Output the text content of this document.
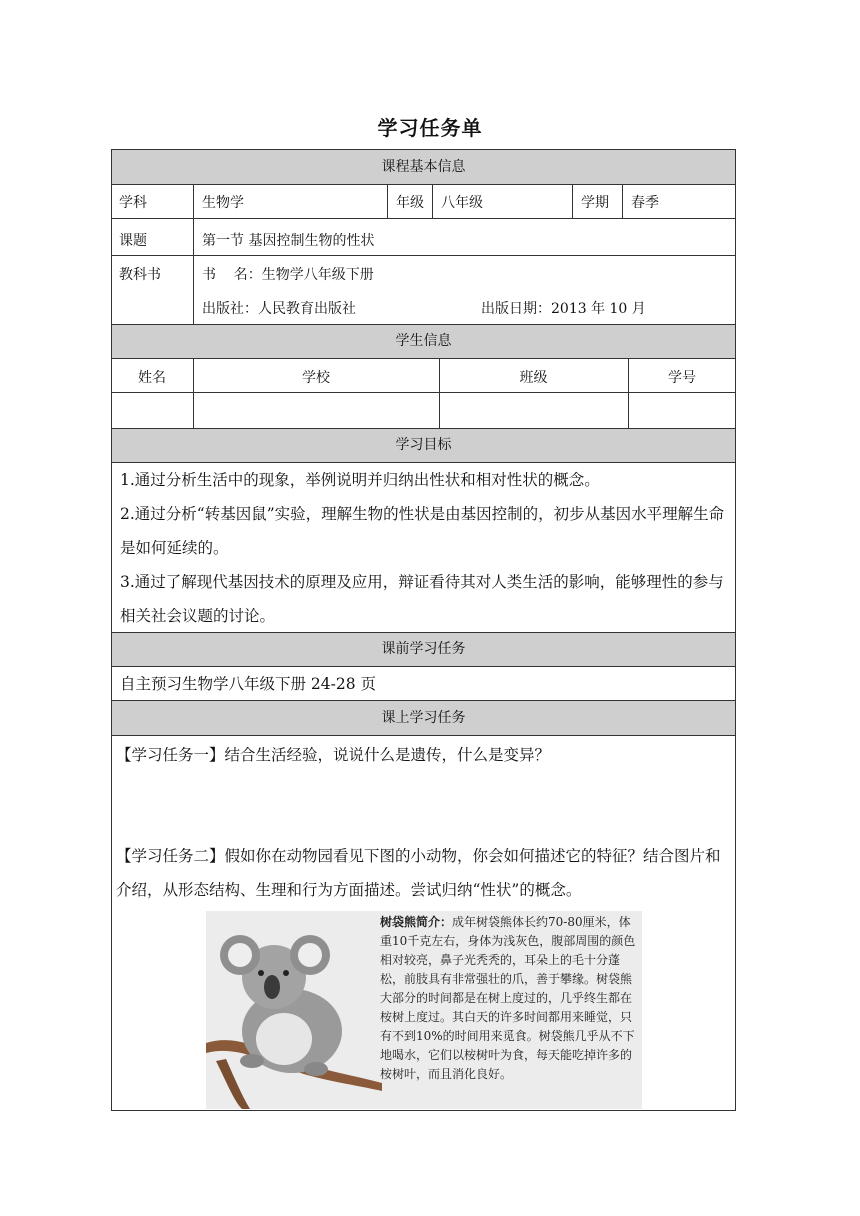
学习任务单
课程基本信息
学科	生物学	年级 八年级	学期 春季
课题	第一节 基因控制生物的性状
教科书	书    名：生物学八年级下册
出版社：人民教育出版社	出版日期：2013 年 10 月
学生信息
姓名	学校	班级	学号
学习目标
1.通过分析生活中的现象，举例说明并归纳出性状和相对性状的概念。
2.通过分析“转基因鼠”实验，理解生物的性状是由基因控制的，初步从基因水平理解生命是如何延续的。
3.通过了解现代基因技术的原理及应用，辩证看待其对人类生活的影响，能够理性的参与相关社会议题的讨论。
课前学习任务
自主预习生物学八年级下册 24-28 页
课上学习任务
【学习任务一】结合生活经验，说说什么是遗传，什么是变异？
【学习任务二】假如你在动物园看见下图的小动物，你会如何描述它的特征？结合图片和介绍，从形态结构、生理和行为方面描述。尝试归纳“性状”的概念。
树袋熊简介：成年树袋熊体长约70-80厘米，体重10千克左右，身体为浅灰色，腹部周围的颜色相对较亮，鼻子光秃秃的，耳朵上的毛十分蓬松，前肢具有非常强壮的爪，善于攀缘。树袋熊大部分的时间都是在树上度过的，几乎终生都在桉树上度过。其白天的许多时间都用来睡觉，只有不到10%的时间用来觅食。树袋熊几乎从不下地喝水，它们以桉树叶为食，每天能吃掉许多的桉树叶，而且消化良好。
